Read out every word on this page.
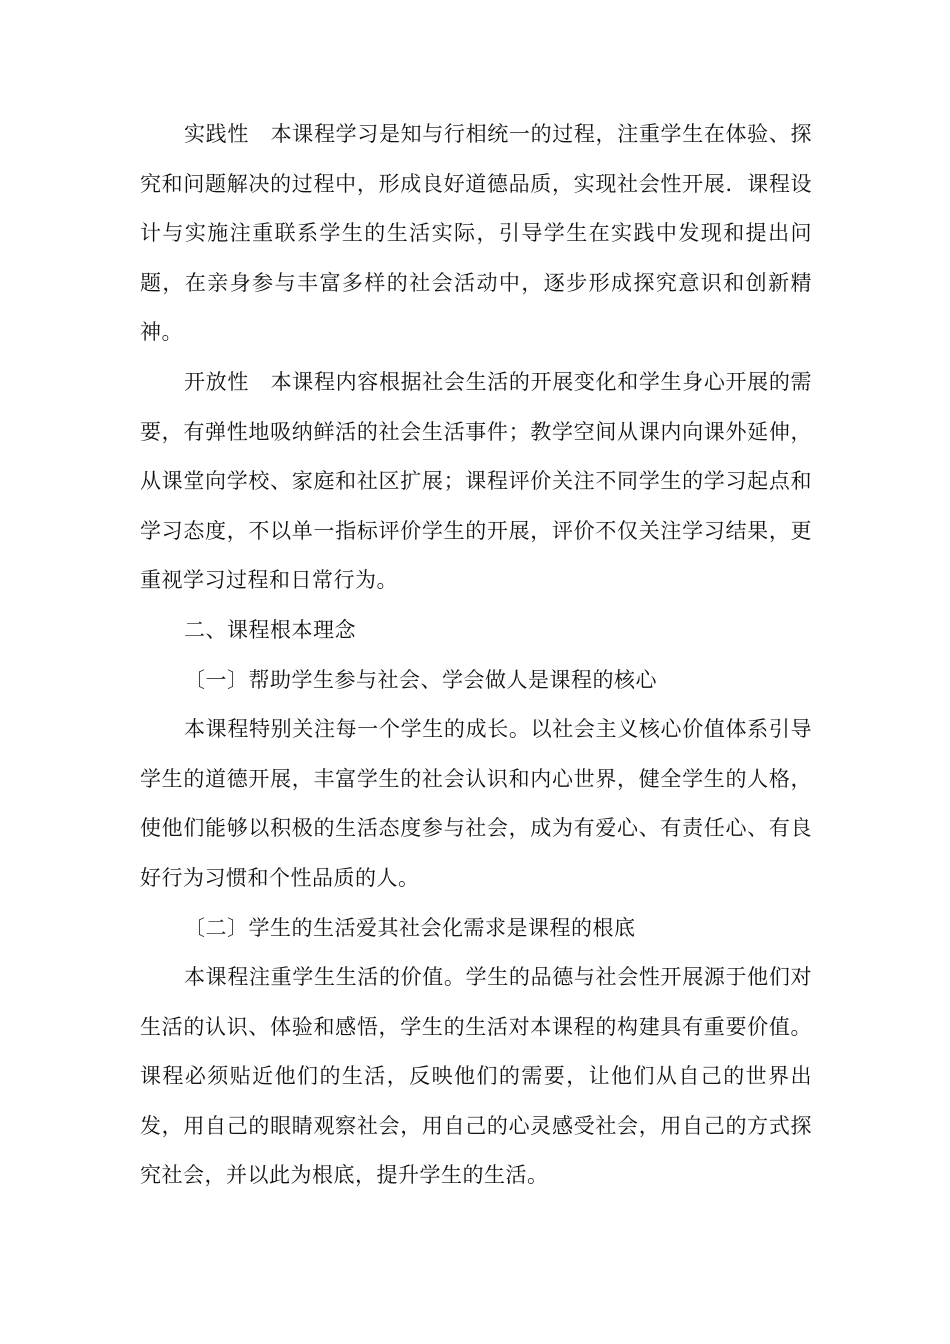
实践性　本课程学习是知与行相统一的过程，注重学生在体验、探究和问题解决的过程中，形成良好道德品质，实现社会性开展．课程设计与实施注重联系学生的生活实际，引导学生在实践中发现和提出问题，在亲身参与丰富多样的社会活动中，逐步形成探究意识和创新精神。

开放性　本课程内容根据社会生活的开展变化和学生身心开展的需要，有弹性地吸纳鲜活的社会生活事件；教学空间从课内向课外延伸，从课堂向学校、家庭和社区扩展；课程评价关注不同学生的学习起点和学习态度，不以单一指标评价学生的开展，评价不仅关注学习结果，更重视学习过程和日常行为。

二、课程根本理念

〔一〕帮助学生参与社会、学会做人是课程的核心

本课程特别关注每一个学生的成长。以社会主义核心价值体系引导学生的道德开展，丰富学生的社会认识和内心世界，健全学生的人格，使他们能够以积极的生活态度参与社会，成为有爱心、有责任心、有良好行为习惯和个性品质的人。

〔二〕学生的生活爱其社会化需求是课程的根底

本课程注重学生生活的价值。学生的品德与社会性开展源于他们对生活的认识、体验和感悟，学生的生活对本课程的构建具有重要价值。课程必须贴近他们的生活，反映他们的需要，让他们从自己的世界出发，用自己的眼睛观察社会，用自己的心灵感受社会，用自己的方式探究社会，并以此为根底，提升学生的生活。
